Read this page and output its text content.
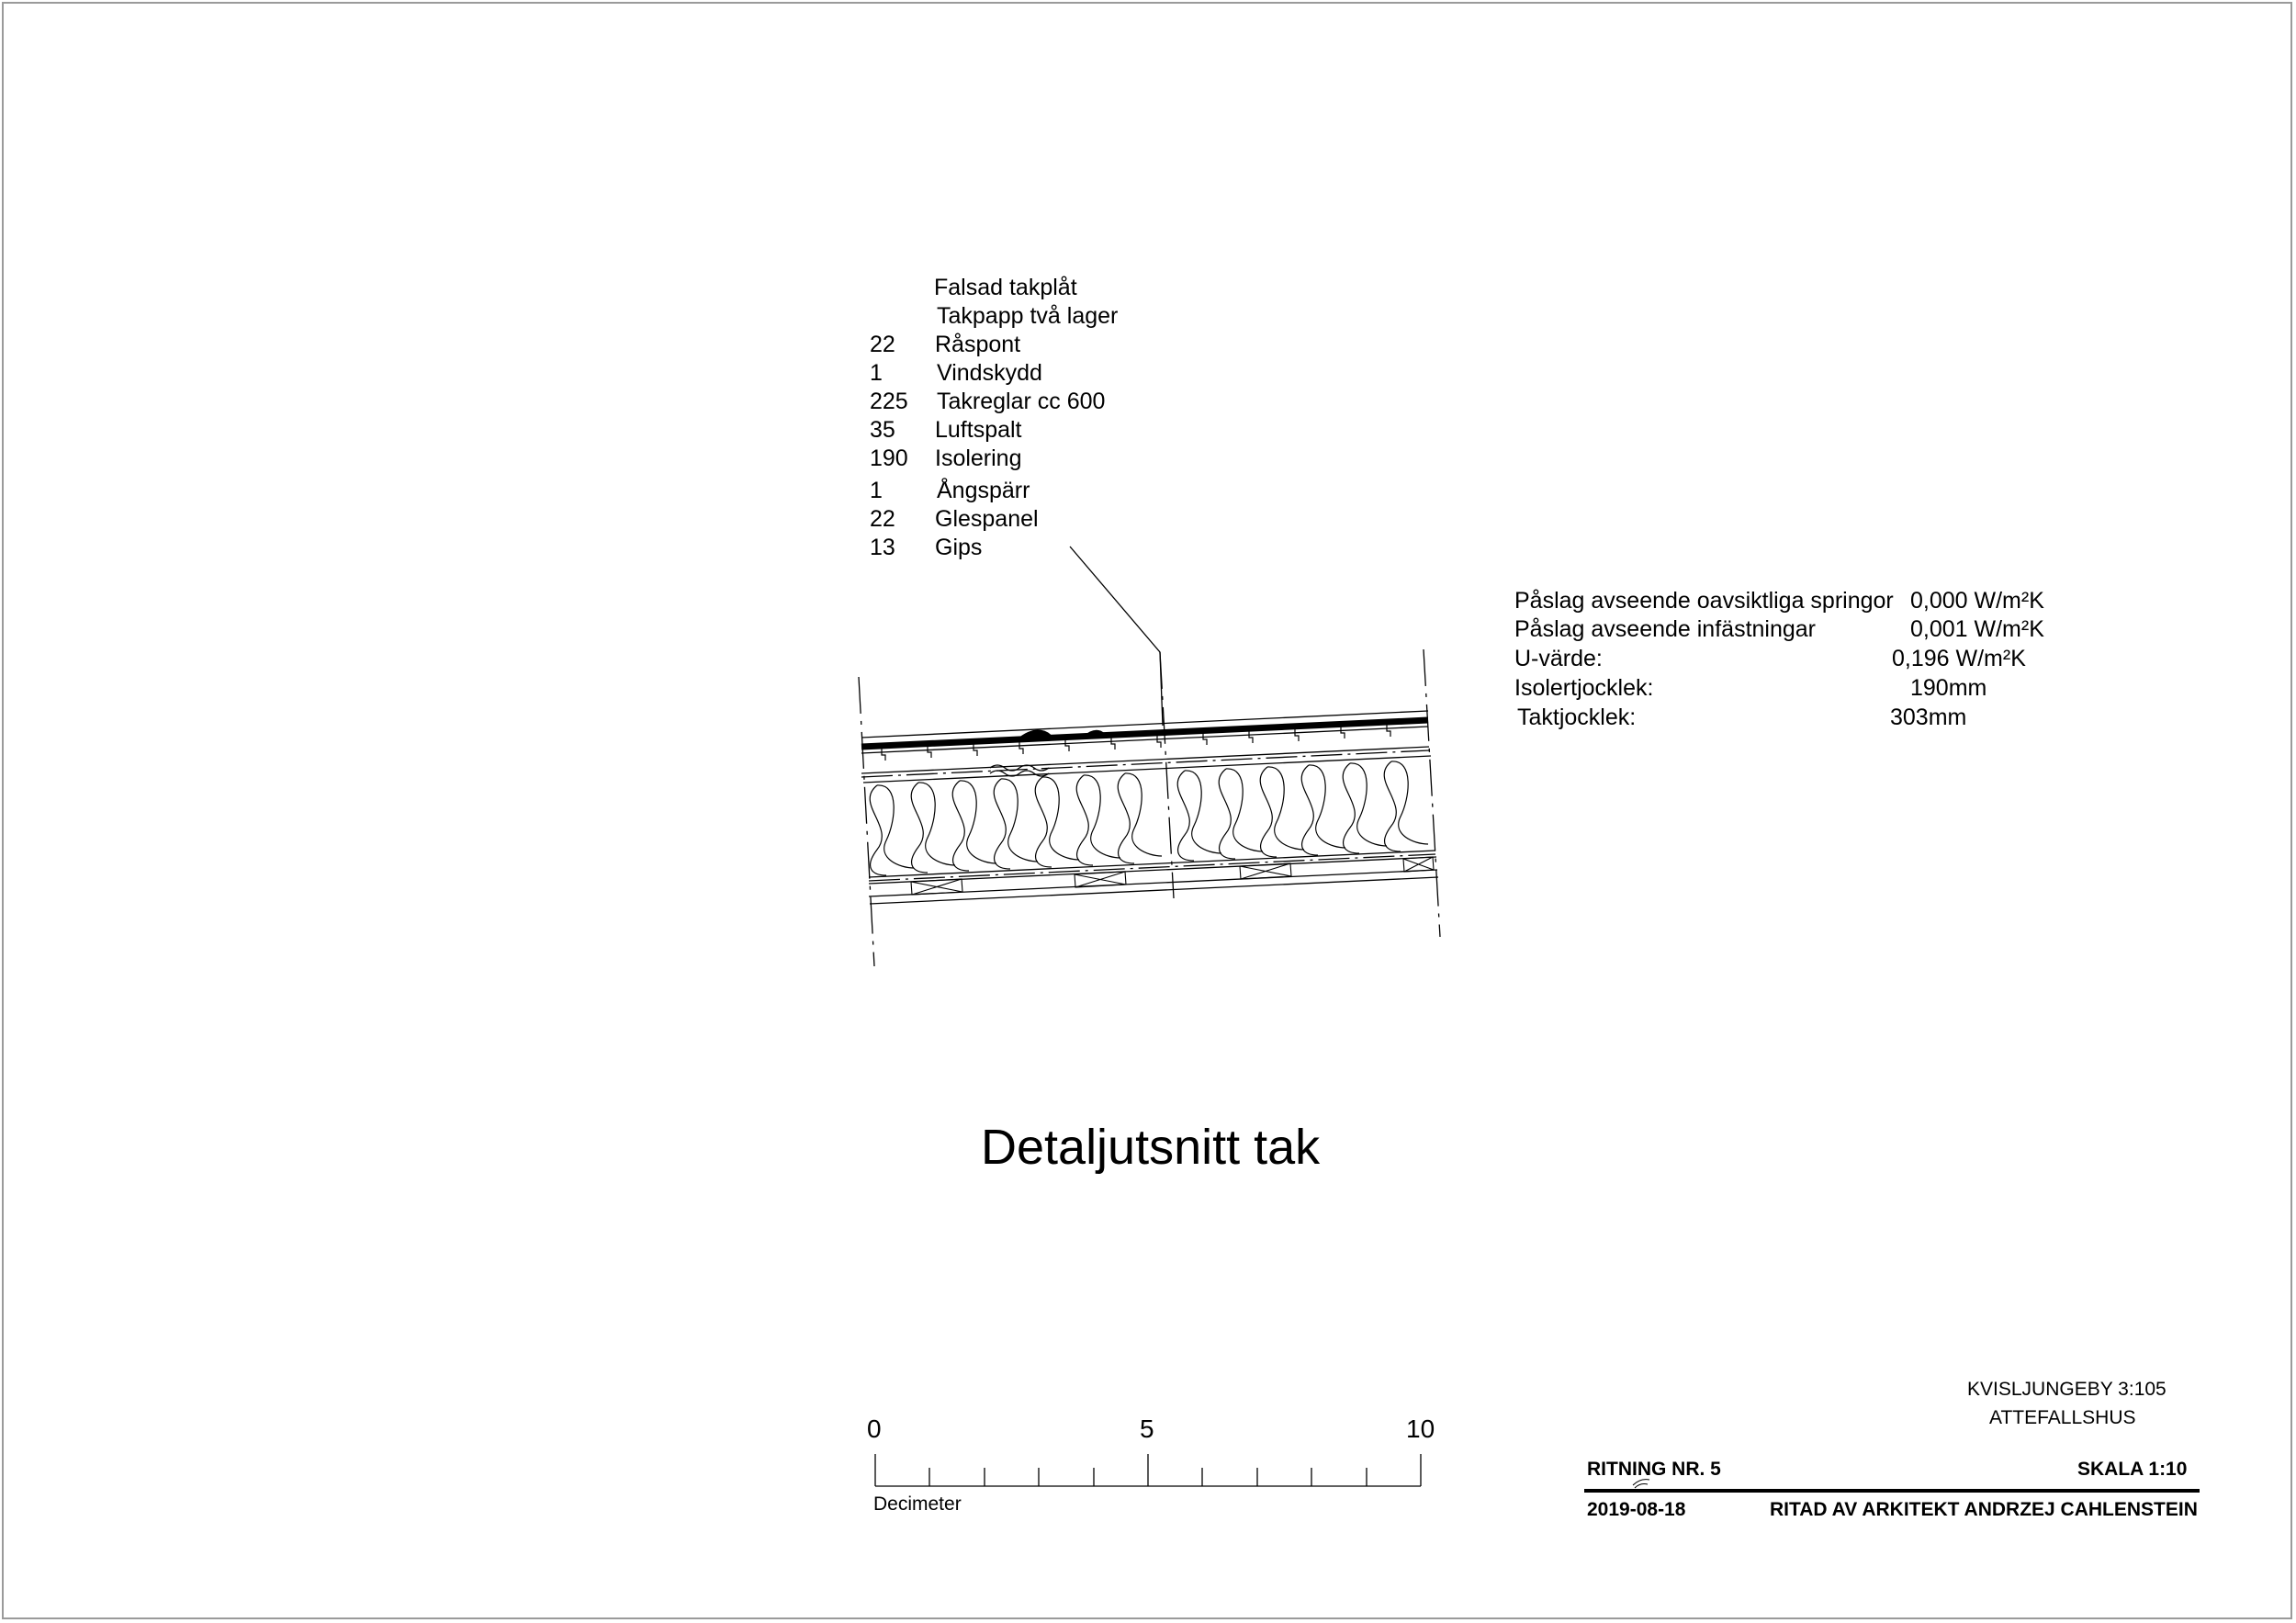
Falsad takplåt
Takpapp två lager
22 Råspont
1 Vindskydd
225 Takreglar cc 600
35 Luftspalt
190 Isolering
1 Ångspärr
22 Glespanel
13 Gips
Påslag avseende oavsiktliga springor 0,000 W/m²K
Påslag avseende infästningar	0,001 W/m²K
U-värde:	0,196 W/m²K
Isolertjocklek:	190mm
Taktjocklek:	303mm
Detaljutsnitt tak
0	5	10
Decimeter
KVISLJUNGEBY 3:105
ATTEFALLSHUS
RITNING NR. 5	SKALA 1:10
2019-08-18	RITAD AV ARKITEKT ANDRZEJ CAHLENSTEIN
